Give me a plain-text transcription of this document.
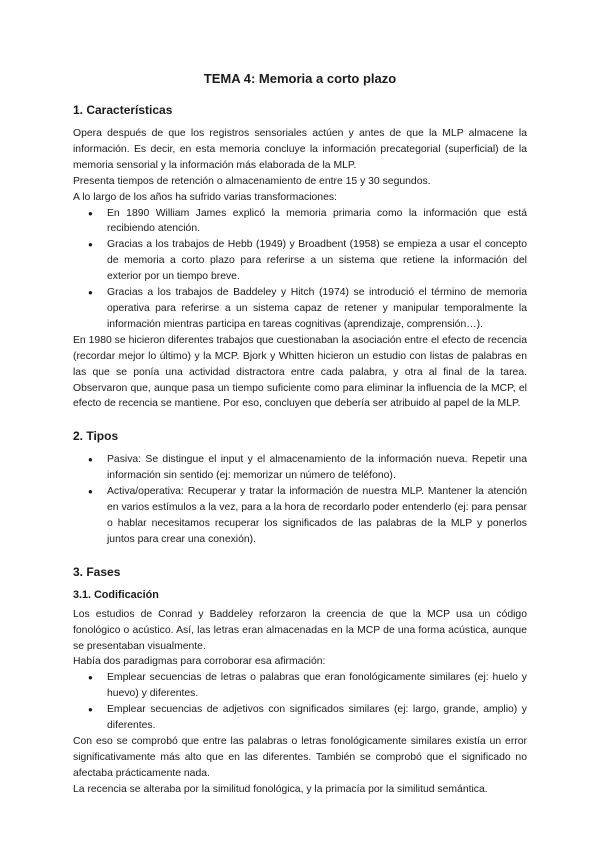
TEMA 4: Memoria a corto plazo
1. Características

Opera después de que los registros sensoriales actúen y antes de que la MLP almacene la información. Es decir, en esta memoria concluye la información precategorial (superficial) de la memoria sensorial y la información más elaborada de la MLP.

Presenta tiempos de retención o almacenamiento de entre 15 y 30 segundos.

A lo largo de los años ha sufrido varias transformaciones:

● En 1890 William James explicó la memoria primaria como la información que está recibiendo atención.
● Gracias a los trabajos de Hebb (1949) y Broadbent (1958) se empieza a usar el concepto de memoria a corto plazo para referirse a un sistema que retiene la información del exterior por un tiempo breve.
● Gracias a los trabajos de Baddeley y Hitch (1974) se introdució el término de memoria operativa para referirse a un sistema capaz de retener y manipular temporalmente la información mientras participa en tareas cognitivas (aprendizaje, comprensión…).

En 1980 se hicieron diferentes trabajos que cuestionaban la asociación entre el efecto de recencia (recordar mejor lo último) y la MCP. Bjork y Whitten hicieron un estudio con listas de palabras en las que se ponía una actividad distractora entre cada palabra, y otra al final de la tarea. Observaron que, aunque pasa un tiempo suficiente como para eliminar la influencia de la MCP, el efecto de recencia se mantiene. Por eso, concluyen que debería ser atribuido al papel de la MLP.

2. Tipos
● Pasiva: Se distingue el input y el almacenamiento de la información nueva. Repetir una información sin sentido (ej: memorizar un número de teléfono).
● Activa/operativa: Recuperar y tratar la información de nuestra MLP. Mantener la atención en varios estímulos a la vez, para a la hora de recordarlo poder entenderlo (ej: para pensar o hablar necesitamos recuperar los significados de las palabras de la MLP y ponerlos juntos para crear una conexión).
3. Fases
3.1. Codificación

Los estudios de Conrad y Baddeley reforzaron la creencia de que la MCP usa un código fonológico o acústico. Así, las letras eran almacenadas en la MCP de una forma acústica, aunque se presentaban visualmente.

Había dos paradigmas para corroborar esa afirmación:

● Emplear secuencias de letras o palabras que eran fonológicamente similares (ej: huelo y huevo) y diferentes.
● Emplear secuencias de adjetivos con significados similares (ej: largo, grande, amplio) y diferentes.

Con eso se comprobó que entre las palabras o letras fonológicamente similares existía un error significativamente más alto que en las diferentes. También se comprobó que el significado no afectaba prácticamente nada.

La recencia se alteraba por la similitud fonológica, y la primacía por la similitud semántica.
